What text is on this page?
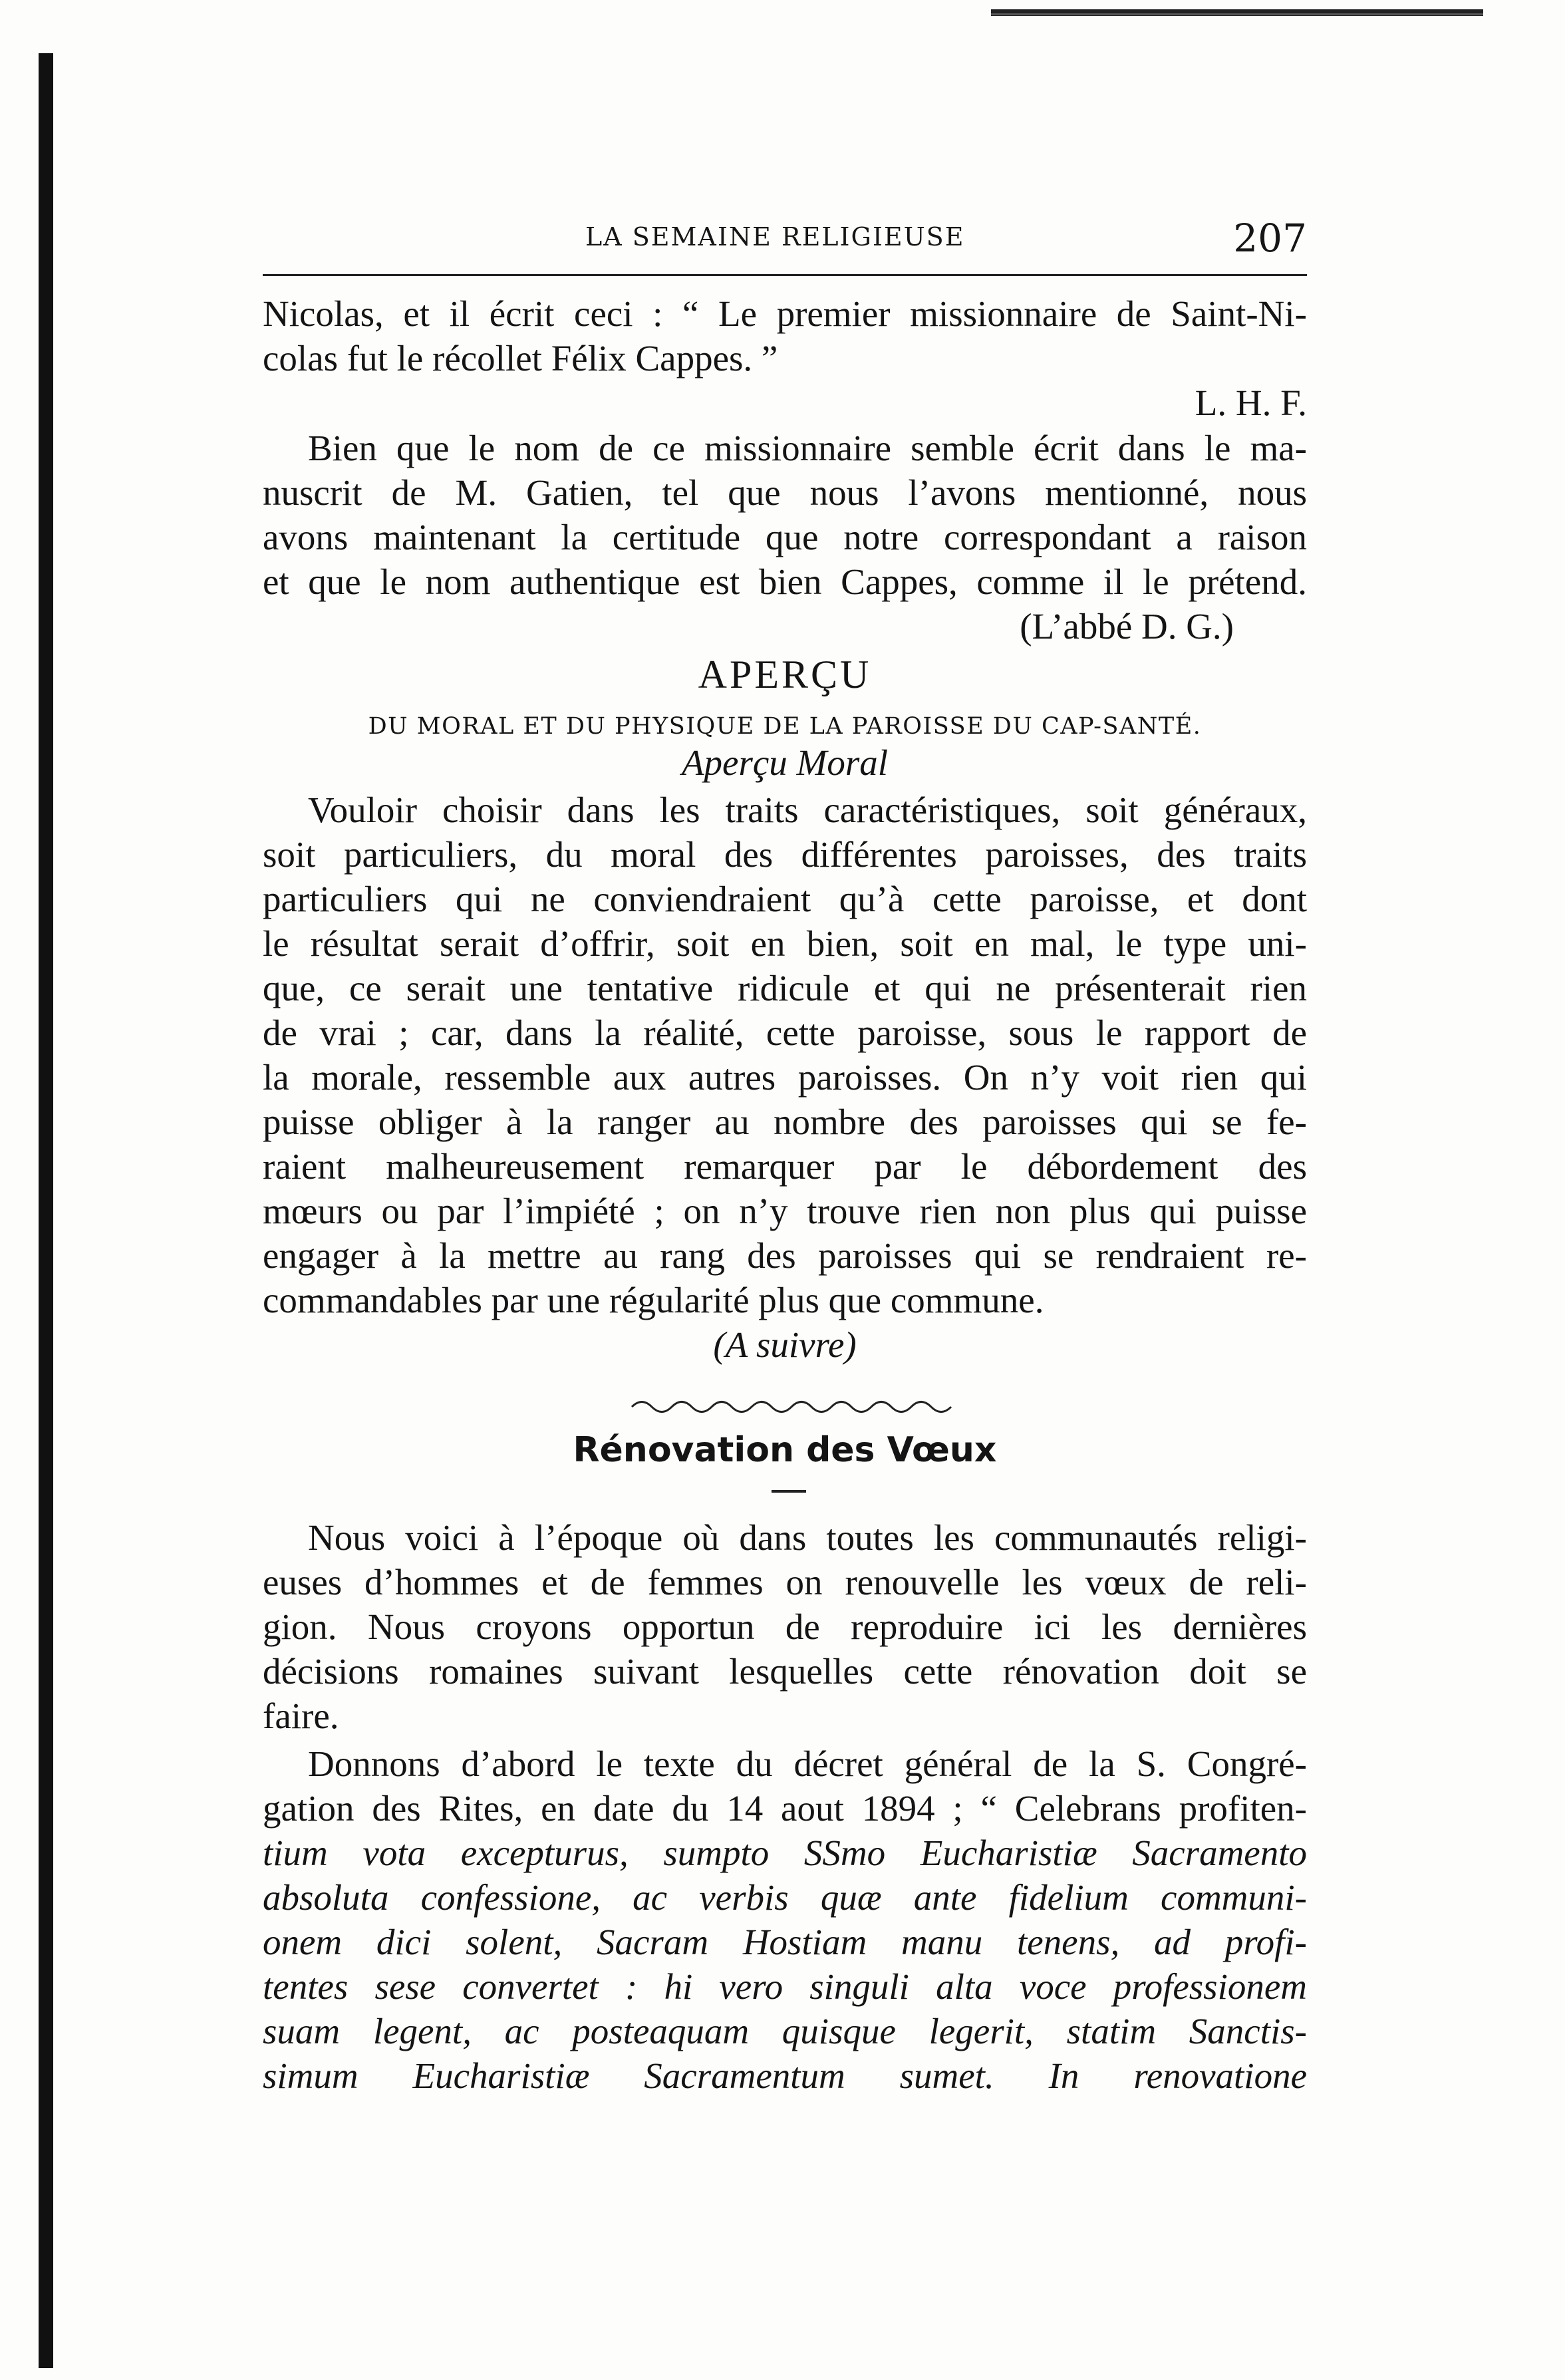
LA SEMAINE RELIGIEUSE	207
Nicolas, et il écrit ceci : “ Le premier missionnaire de Saint-Ni-
colas fut le récollet Félix Cappes. ”
L. H. F.
Bien que le nom de ce missionnaire semble écrit dans le ma-
nuscrit de M. Gatien, tel que nous l’avons mentionné, nous
avons maintenant la certitude que notre correspondant a raison
et que le nom authentique est bien Cappes, comme il le prétend.
(L’abbé D. G.)
APERÇU
DU MORAL ET DU PHYSIQUE DE LA PAROISSE DU CAP-SANTÉ.
Aperçu Moral
Vouloir choisir dans les traits caractéristiques, soit généraux,
soit particuliers, du moral des différentes paroisses, des traits
particuliers qui ne conviendraient qu’à cette paroisse, et dont
le résultat serait d’offrir, soit en bien, soit en mal, le type uni-
que, ce serait une tentative ridicule et qui ne présenterait rien
de vrai ; car, dans la réalité, cette paroisse, sous le rapport de
la morale, ressemble aux autres paroisses. On n’y voit rien qui
puisse obliger à la ranger au nombre des paroisses qui se fe-
raient malheureusement remarquer par le débordement des
mœurs ou par l’impiété ; on n’y trouve rien non plus qui puisse
engager à la mettre au rang des paroisses qui se rendraient re-
commandables par une régularité plus que commune.
(A suivre)
Rénovation des Vœux
Nous voici à l’époque où dans toutes les communautés religi-
euses d’hommes et de femmes on renouvelle les vœux de reli-
gion. Nous croyons opportun de reproduire ici les dernières
décisions romaines suivant lesquelles cette rénovation doit se
faire.
Donnons d’abord le texte du décret général de la S. Congré-
gation des Rites, en date du 14 aout 1894 ; “ Celebrans profiten-
tium vota excepturus, sumpto SSmo Eucharistiæ Sacramento
absoluta confessione, ac verbis quæ ante fidelium communi-
onem dici solent, Sacram Hostiam manu tenens, ad profi-
tentes sese convertet : hi vero singuli alta voce professionem
suam legent, ac posteaquam quisque legerit, statim Sanctis-
simum Eucharistiæ Sacramentum sumet. In renovatione
